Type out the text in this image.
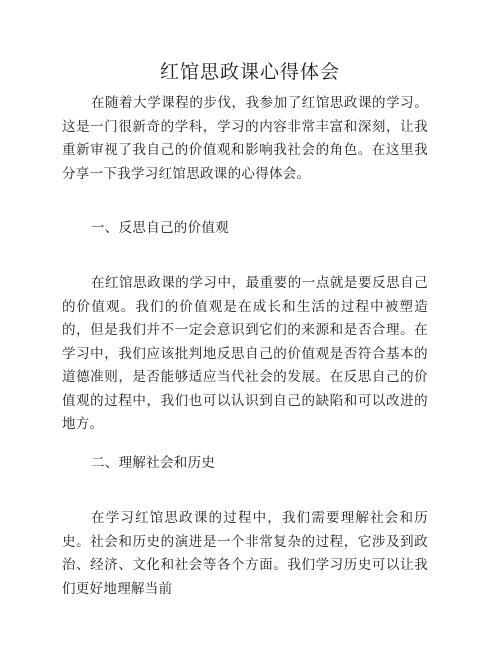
红馆思政课心得体会

在随着大学课程的步伐，我参加了红馆思政课的学习。这是一门很新奇的学科，学习的内容非常丰富和深刻，让我重新审视了我自己的价值观和影响我社会的角色。在这里我分享一下我学习红馆思政课的心得体会。

一、反思自己的价值观

在红馆思政课的学习中，最重要的一点就是要反思自己的价值观。我们的价值观是在成长和生活的过程中被塑造的，但是我们并不一定会意识到它们的来源和是否合理。在学习中，我们应该批判地反思自己的价值观是否符合基本的道德准则，是否能够适应当代社会的发展。在反思自己的价值观的过程中，我们也可以认识到自己的缺陷和可以改进的地方。

二、理解社会和历史

在学习红馆思政课的过程中，我们需要理解社会和历史。社会和历史的演进是一个非常复杂的过程，它涉及到政治、经济、文化和社会等各个方面。我们学习历史可以让我们更好地理解当前
